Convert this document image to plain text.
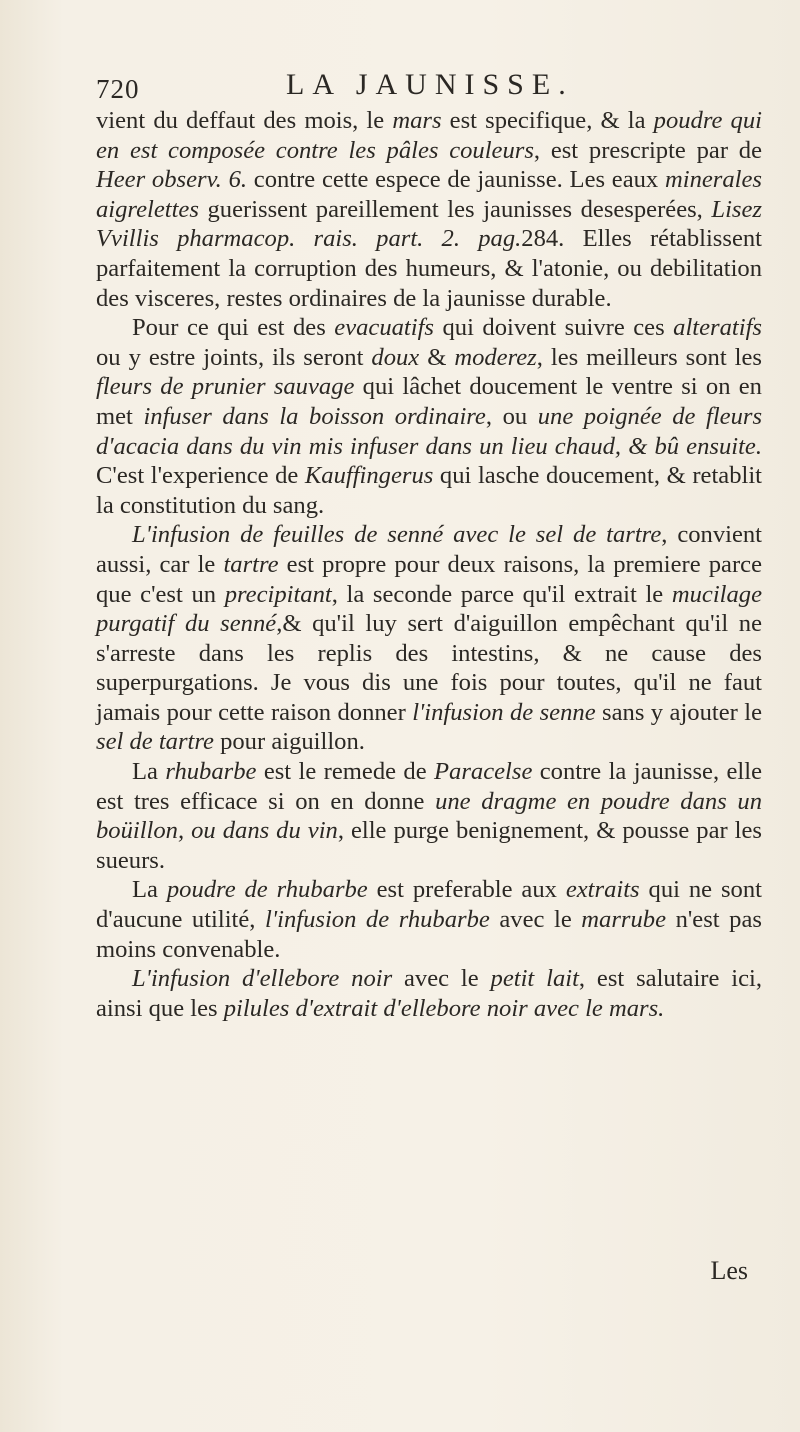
720	LA JAUNISSE.

vient du deffaut des mois, le mars est specifique, & la poudre qui en est composée contre les pâles couleurs, est prescripte par de Heer observ. 6. contre cette espece de jaunisse. Les eaux minerales aigrelettes guerissent pareillement les jaunisses desesperées, Lisez Vvillis pharmacop. rais. part. 2. pag.284. Elles rétablissent parfaitement la corruption des humeurs, & l'atonie, ou debilitation des visceres, restes ordinaires de la jaunisse durable.

Pour ce qui est des evacuatifs qui doivent suivre ces alteratifs ou y estre joints, ils seront doux & moderez, les meilleurs sont les fleurs de prunier sauvage qui lâchet doucement le ventre si on en met infuser dans la boisson ordinaire, ou une poignée de fleurs d'acacia dans du vin mis infuser dans un lieu chaud, & bû ensuite. C'est l'experience de Kauffingerus qui lasche doucement, & retablit la constitution du sang.

L'infusion de feuilles de senné avec le sel de tartre, convient aussi, car le tartre est propre pour deux raisons, la premiere parce que c'est un precipitant, la seconde parce qu'il extrait le mucilage purgatif du senné,& qu'il luy sert d'aiguillon empêchant qu'il ne s'arreste dans les replis des intestins, & ne cause des superpurgations. Je vous dis une fois pour toutes, qu'il ne faut jamais pour cette raison donner l'infusion de senne sans y ajouter le sel de tartre pour aiguillon.

La rhubarbe est le remede de Paracelse contre la jaunisse, elle est tres efficace si on en donne une dragme en poudre dans un boüillon, ou dans du vin, elle purge benignement, & pousse par les sueurs.

La poudre de rhubarbe est preferable aux extraits qui ne sont d'aucune utilité, l'infusion de rhubarbe avec le marrube n'est pas moins convenable.

L'infusion d'ellebore noir avec le petit lait, est salutaire ici, ainsi que les pilules d'extrait d'ellebore noir avec le mars.

Les
